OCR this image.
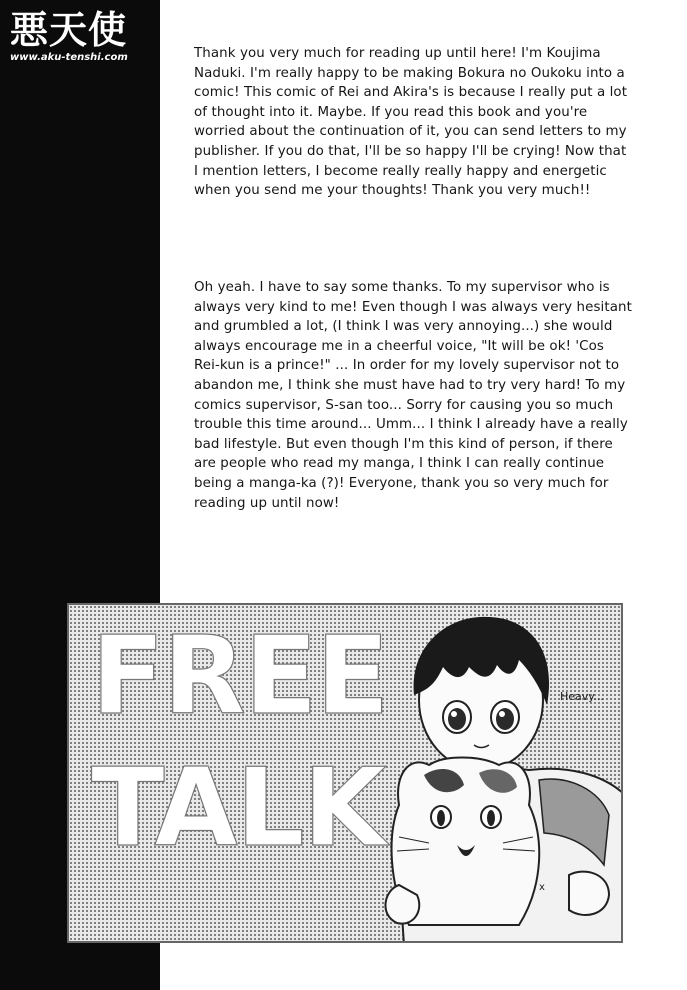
悪天使
www.aku-tenshi.com	Thank you very much for reading up until here! I'm Koujima Naduki. I'm really happy to be making Bokura no Oukoku into a comic! This comic of Rei and Akira's is because I really put a lot of thought into it. Maybe. If you read this book and you're worried about the continuation of it, you can send letters to my publisher. If you do that, I'll be so happy I'll be crying! Now that I mention letters, I become really really happy and energetic when you send me your thoughts! Thank you very much!!
Oh yeah. I have to say some thanks. To my supervisor who is always very kind to me! Even though I was always very hesitant and grumbled a lot, (I think I was very annoying...) she would always encourage me in a cheerful voice, "It will be ok! 'Cos Rei-kun is a prince!" ... In order for my lovely supervisor not to abandon me, I think she must have had to try very hard! To my comics supervisor, S-san too... Sorry for causing you so much trouble this time around... Umm... I think I already have a really bad lifestyle. But even though I'm this kind of person, if there are people who read my manga, I think I can really continue being a manga-ka (?)! Everyone, thank you so very much for reading up until now!
FREE
TALK
x
Heavy...
